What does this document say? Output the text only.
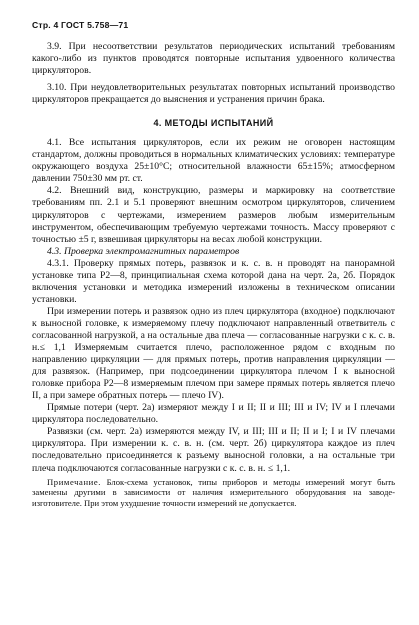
Стр. 4 ГОСТ 5.758—71

3.9. При несоответствии результатов периодических испытаний требованиям какого-либо из пунктов проводятся повторные испытания удвоенного количества циркуляторов.

3.10. При неудовлетворительных результатах повторных испытаний производство циркуляторов прекращается до выяснения и устранения причин брака.

4. МЕТОДЫ ИСПЫТАНИЙ

4.1. Все испытания циркуляторов, если их режим не оговорен настоящим стандартом, должны проводиться в нормальных климатических условиях: температуре окружающего воздуха 25±10°С; относительной влажности 65±15%; атмосферном давлении 750±30 мм рт. ст.

4.2. Внешний вид, конструкцию, размеры и маркировку на соответствие требованиям пп. 2.1 и 5.1 проверяют внешним осмотром циркуляторов, сличением циркуляторов с чертежами, измерением размеров любым измерительным инструментом, обеспечивающим требуемую чертежами точность. Массу проверяют с точностью ±5 г, взвешивая циркуляторы на весах любой конструкции.

4.3. Проверка электромагнитных параметров

4.3.1. Проверку прямых потерь, развязок и к. с. в. н проводят на панорамной установке типа Р2—8, принципиальная схема которой дана на черт. 2а, 2б. Порядок включения установки и методика измерений изложены в техническом описании установки.

При измерении потерь и развязок одно из плеч циркулятора (входное) подключают к выносной головке, к измеряемому плечу подключают направленный ответвитель с согласованной нагрузкой, а на остальные два плеча — согласованные нагрузки с к. с. в. н.≤ 1,1 Измеряемым считается плечо, расположенное рядом с входным по направлению циркуляции — для прямых потерь, против направления циркуляции — для развязок. (Например, при подсоединении циркулятора плечом I к выносной головке прибора Р2—8 измеряемым плечом при замере прямых потерь является плечо II, а при замере обратных потерь — плечо IV).

Прямые потери (черт. 2а) измеряют между I и II; II и III; III и IV; IV и I плечами циркулятора последовательно.

Развязки (см. черт. 2а) измеряются между IV, и III; III и II; II и I; I и IV плечами циркулятора. При измерении к. с. в. н. (см. черт. 2б) циркулятора каждое из плеч последовательно присоединяется к разъему выносной головки, а на остальные три плеча подключаются согласованные нагрузки с к. с. в. н. ≤ 1,1.

Примечание. Блок-схема установок, типы приборов и методы измерений могут быть заменены другими в зависимости от наличия измерительного оборудования на заводе-изготовителе. При этом ухудшение точности измерений не допускается.
